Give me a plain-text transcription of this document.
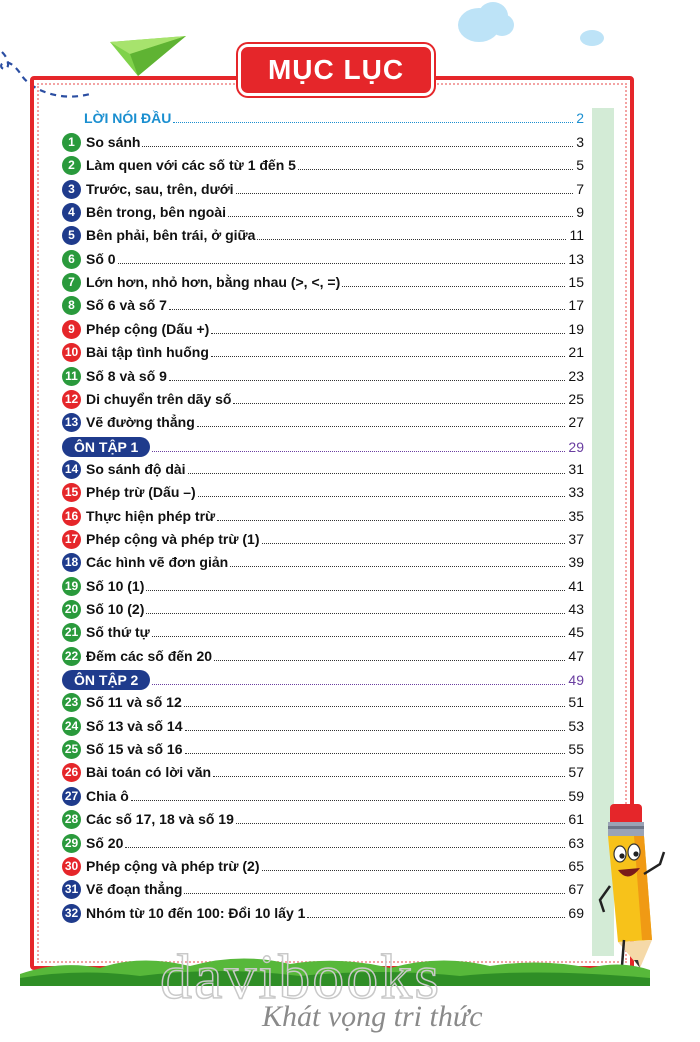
MỤC LỤC
LỜI NÓI ĐẦU	2
1 So sánh	3
2 Làm quen với các số từ 1 đến 5	5
3 Trước, sau, trên, dưới	7
4 Bên trong, bên ngoài	9
5 Bên phải, bên trái, ở giữa	11
6 Số 0	13
7 Lớn hơn, nhỏ hơn, bằng nhau (>, <, =)	15
8 Số 6 và số 7	17
9 Phép cộng (Dấu +)	19
10 Bài tập tình huống	21
11 Số 8 và số 9	23
12 Di chuyển trên dãy số	25
13 Vẽ đường thẳng	27
ÔN TẬP 1	29
14 So sánh độ dài	31
15 Phép trừ (Dấu –)	33
16 Thực hiện phép trừ	35
17 Phép cộng và phép trừ (1)	37
18 Các hình vẽ đơn giản	39
19 Số 10 (1)	41
20 Số 10 (2)	43
21 Số thứ tự	45
22 Đếm các số đến 20	47
ÔN TẬP 2	49
23 Số 11 và số 12	51
24 Số 13 và số 14	53
25 Số 15 và số 16	55
26 Bài toán có lời văn	57
27 Chia ô	59
28 Các số 17, 18 và số 19	61
29 Số 20	63
30 Phép cộng và phép trừ (2)	65
31 Vẽ đoạn thẳng	67
32 Nhóm từ 10 đến 100: Đổi 10 lấy 1	69
davibooks
Khát vọng tri thức
